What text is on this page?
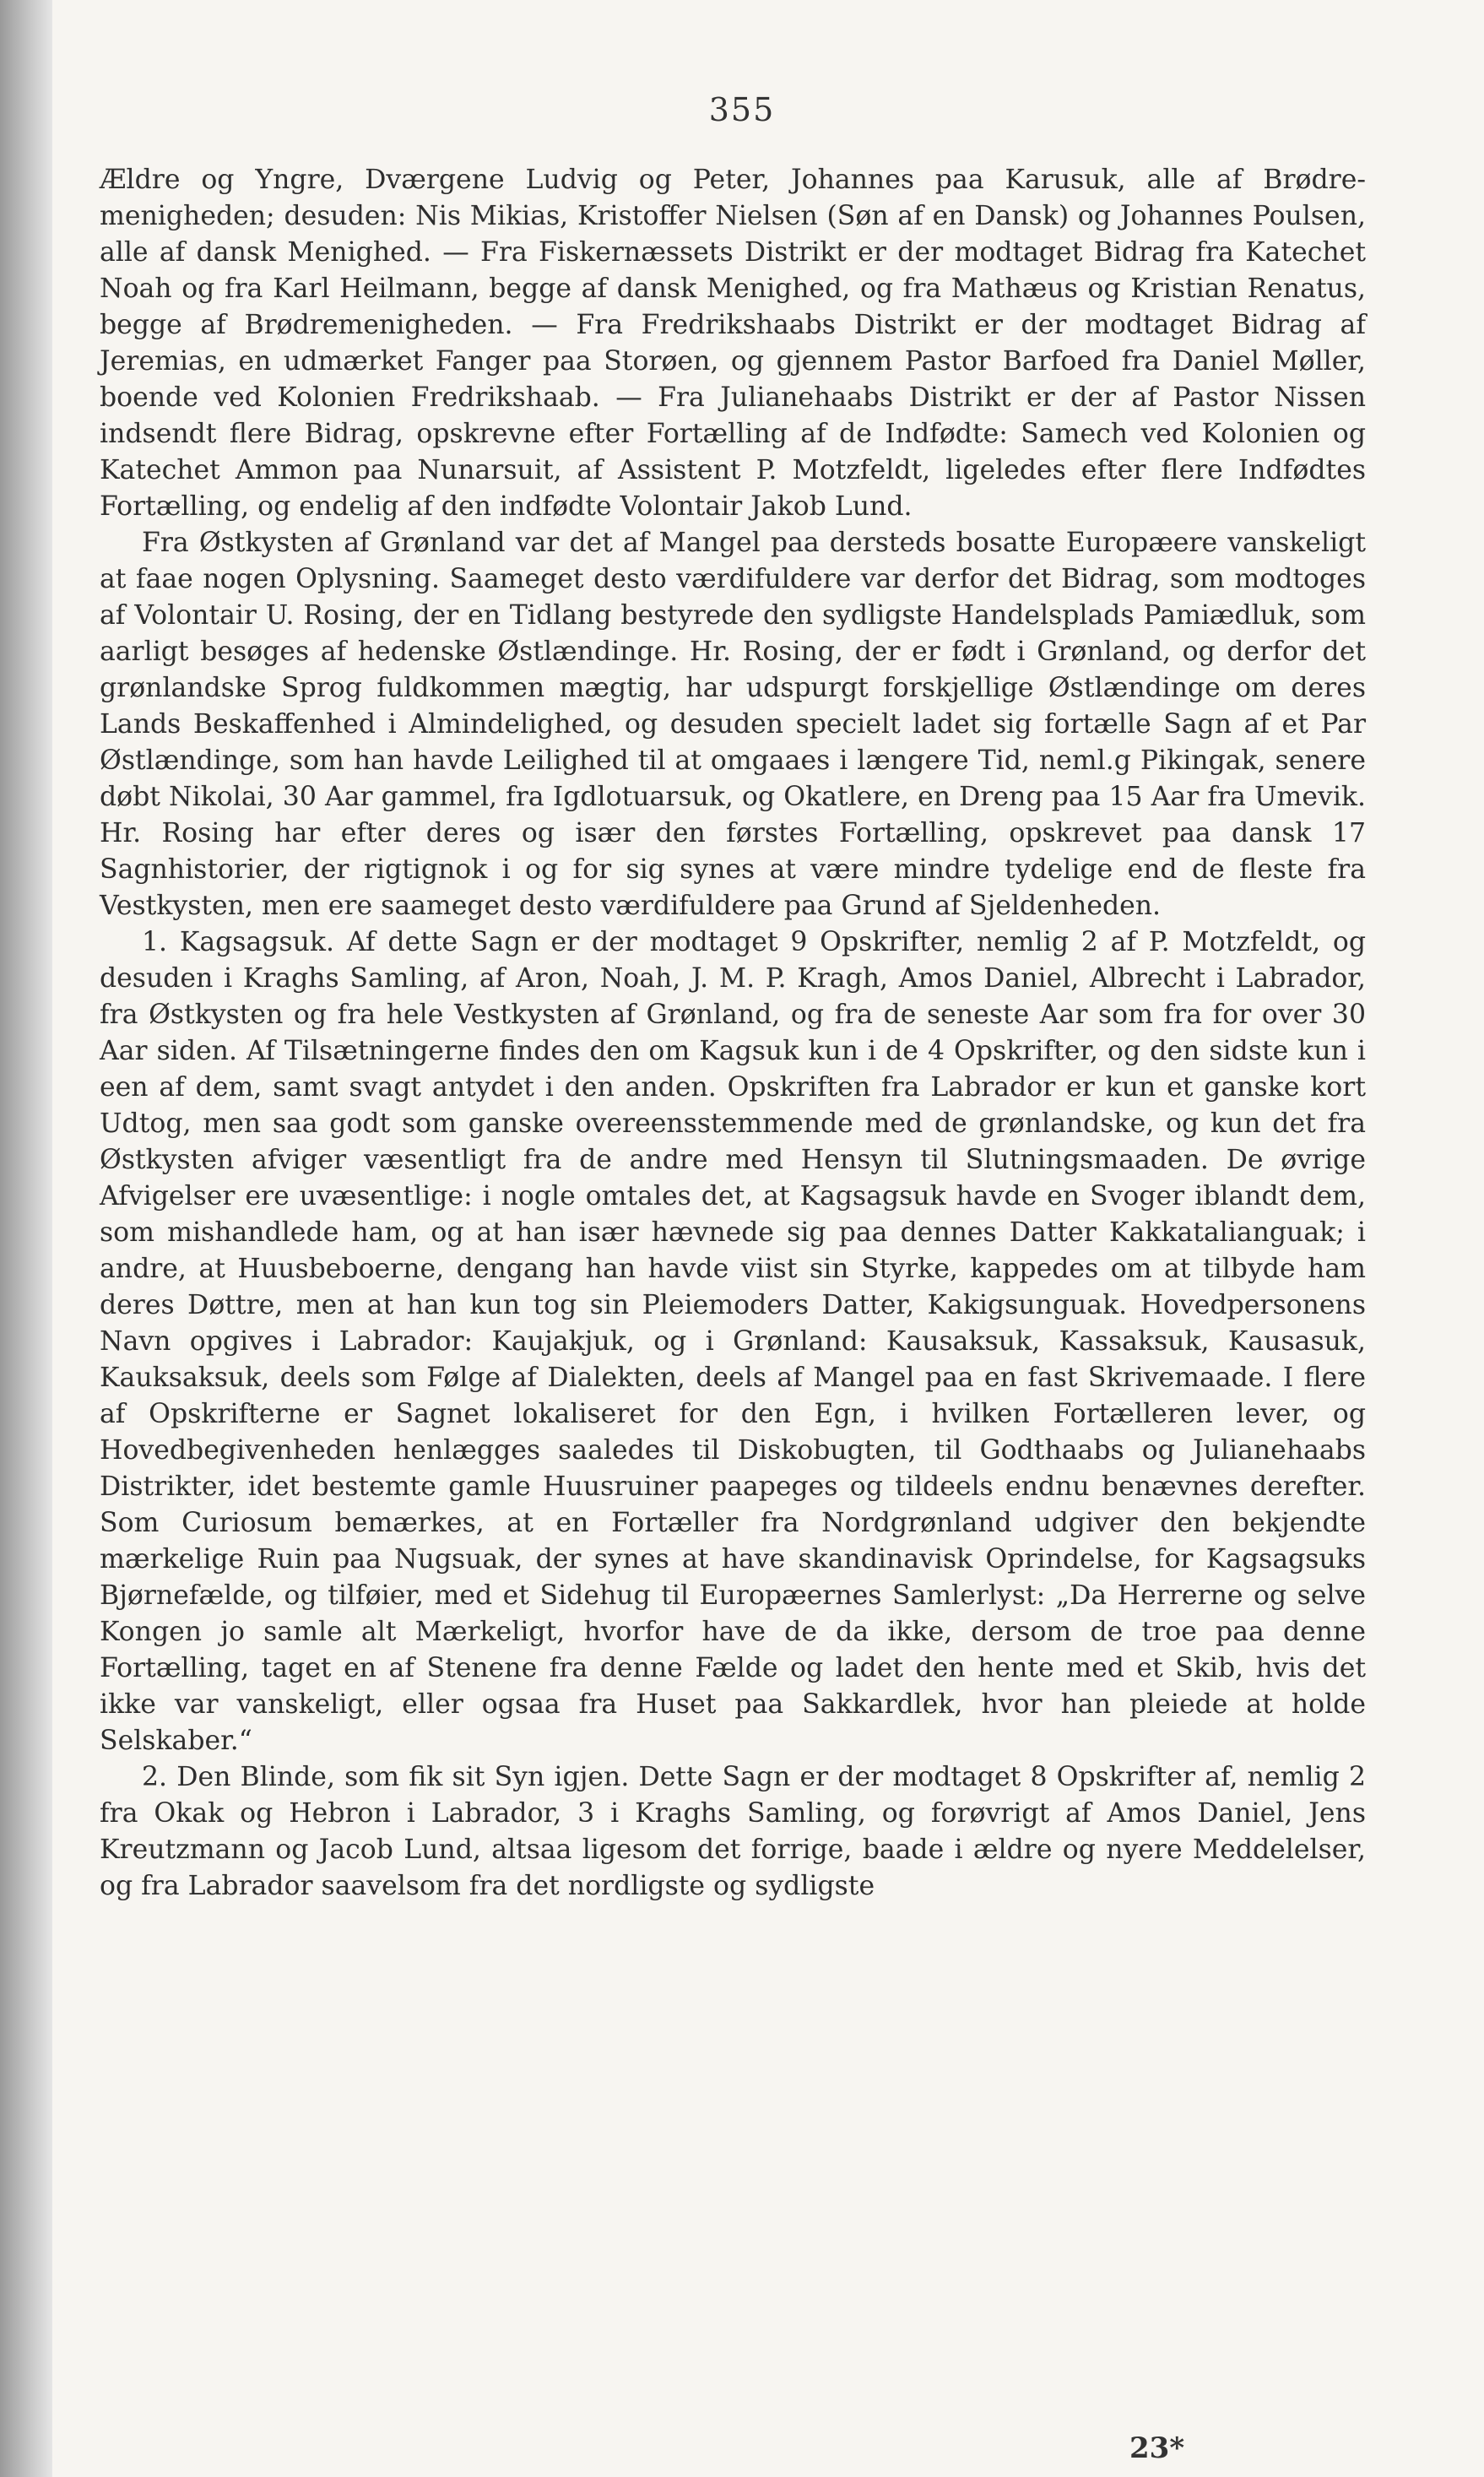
355

Ældre og Yngre, Dværgene Ludvig og Peter, Johannes paa Karusuk, alle af Brødre-menigheden; desuden: Nis Mikias, Kristoffer Nielsen (Søn af en Dansk) og Johannes Poulsen, alle af dansk Menighed. — Fra Fiskernæssets Distrikt er der modtaget Bidrag fra Katechet Noah og fra Karl Heilmann, begge af dansk Menighed, og fra Mathæus og Kristian Renatus, begge af Brødremenigheden. — Fra Fredrikshaabs Distrikt er der modtaget Bidrag af Jeremias, en udmærket Fanger paa Storøen, og gjennem Pastor Barfoed fra Daniel Møller, boende ved Kolonien Fredrikshaab. — Fra Julianehaabs Distrikt er der af Pastor Nissen indsendt flere Bidrag, opskrevne efter Fortælling af de Indfødte: Samech ved Kolonien og Katechet Ammon paa Nunarsuit, af Assistent P. Motzfeldt, ligeledes efter flere Indfødtes Fortælling, og endelig af den indfødte Volontair Jakob Lund.

Fra Østkysten af Grønland var det af Mangel paa dersteds bosatte Europæere vanskeligt at faae nogen Oplysning. Saameget desto værdifuldere var derfor det Bidrag, som modtoges af Volontair U. Rosing, der en Tidlang bestyrede den sydligste Handelsplads Pamiædluk, som aarligt besøges af hedenske Østlændinge. Hr. Rosing, der er født i Grønland, og derfor det grønlandske Sprog fuldkommen mægtig, har udspurgt forskjellige Østlændinge om deres Lands Beskaffenhed i Almindelighed, og desuden specielt ladet sig fortælle Sagn af et Par Østlændinge, som han havde Leilighed til at omgaaes i længere Tid, neml.g Pikingak, senere døbt Nikolai, 30 Aar gammel, fra Igdlotuarsuk, og Okatlere, en Dreng paa 15 Aar fra Umevik. Hr. Rosing har efter deres og især den førstes Fortælling, opskrevet paa dansk 17 Sagnhistorier, der rigtignok i og for sig synes at være mindre tydelige end de fleste fra Vestkysten, men ere saameget desto værdifuldere paa Grund af Sjeldenheden.

1. Kagsagsuk. Af dette Sagn er der modtaget 9 Opskrifter, nemlig 2 af P. Motzfeldt, og desuden i Kraghs Samling, af Aron, Noah, J. M. P. Kragh, Amos Daniel, Albrecht i Labrador, fra Østkysten og fra hele Vestkysten af Grønland, og fra de seneste Aar som fra for over 30 Aar siden. Af Tilsætningerne findes den om Kagsuk kun i de 4 Opskrifter, og den sidste kun i een af dem, samt svagt antydet i den anden. Opskriften fra Labrador er kun et ganske kort Udtog, men saa godt som ganske overeensstemmende med de grønlandske, og kun det fra Østkysten afviger væsentligt fra de andre med Hensyn til Slutningsmaaden. De øvrige Afvigelser ere uvæsentlige: i nogle omtales det, at Kagsagsuk havde en Svoger iblandt dem, som mishandlede ham, og at han især hævnede sig paa dennes Datter Kakkatalianguak; i andre, at Huusbeboerne, dengang han havde viist sin Styrke, kappedes om at tilbyde ham deres Døttre, men at han kun tog sin Pleiemoders Datter, Kakigsunguak. Hovedpersonens Navn opgives i Labrador: Kaujakjuk, og i Grønland: Kausaksuk, Kassaksuk, Kausasuk, Kauksaksuk, deels som Følge af Dialekten, deels af Mangel paa en fast Skrivemaade. I flere af Opskrifterne er Sagnet lokaliseret for den Egn, i hvilken Fortælleren lever, og Hovedbegivenheden henlægges saaledes til Diskobugten, til Godthaabs og Julianehaabs Distrikter, idet bestemte gamle Huusruiner paapeges og tildeels endnu benævnes derefter. Som Curiosum bemærkes, at en Fortæller fra Nordgrønland udgiver den bekjendte mærkelige Ruin paa Nugsuak, der synes at have skandinavisk Oprindelse, for Kagsagsuks Bjørnefælde, og tilføier, med et Sidehug til Europæernes Samlerlyst: „Da Herrerne og selve Kongen jo samle alt Mærkeligt, hvorfor have de da ikke, dersom de troe paa denne Fortælling, taget en af Stenene fra denne Fælde og ladet den hente med et Skib, hvis det ikke var vanskeligt, eller ogsaa fra Huset paa Sakkardlek, hvor han pleiede at holde Selskaber.“

2. Den Blinde, som fik sit Syn igjen. Dette Sagn er der modtaget 8 Opskrifter af, nemlig 2 fra Okak og Hebron i Labrador, 3 i Kraghs Samling, og forøvrigt af Amos Daniel, Jens Kreutzmann og Jacob Lund, altsaa ligesom det forrige, baade i ældre og nyere Meddelelser, og fra Labrador saavelsom fra det nordligste og sydligste

23*
